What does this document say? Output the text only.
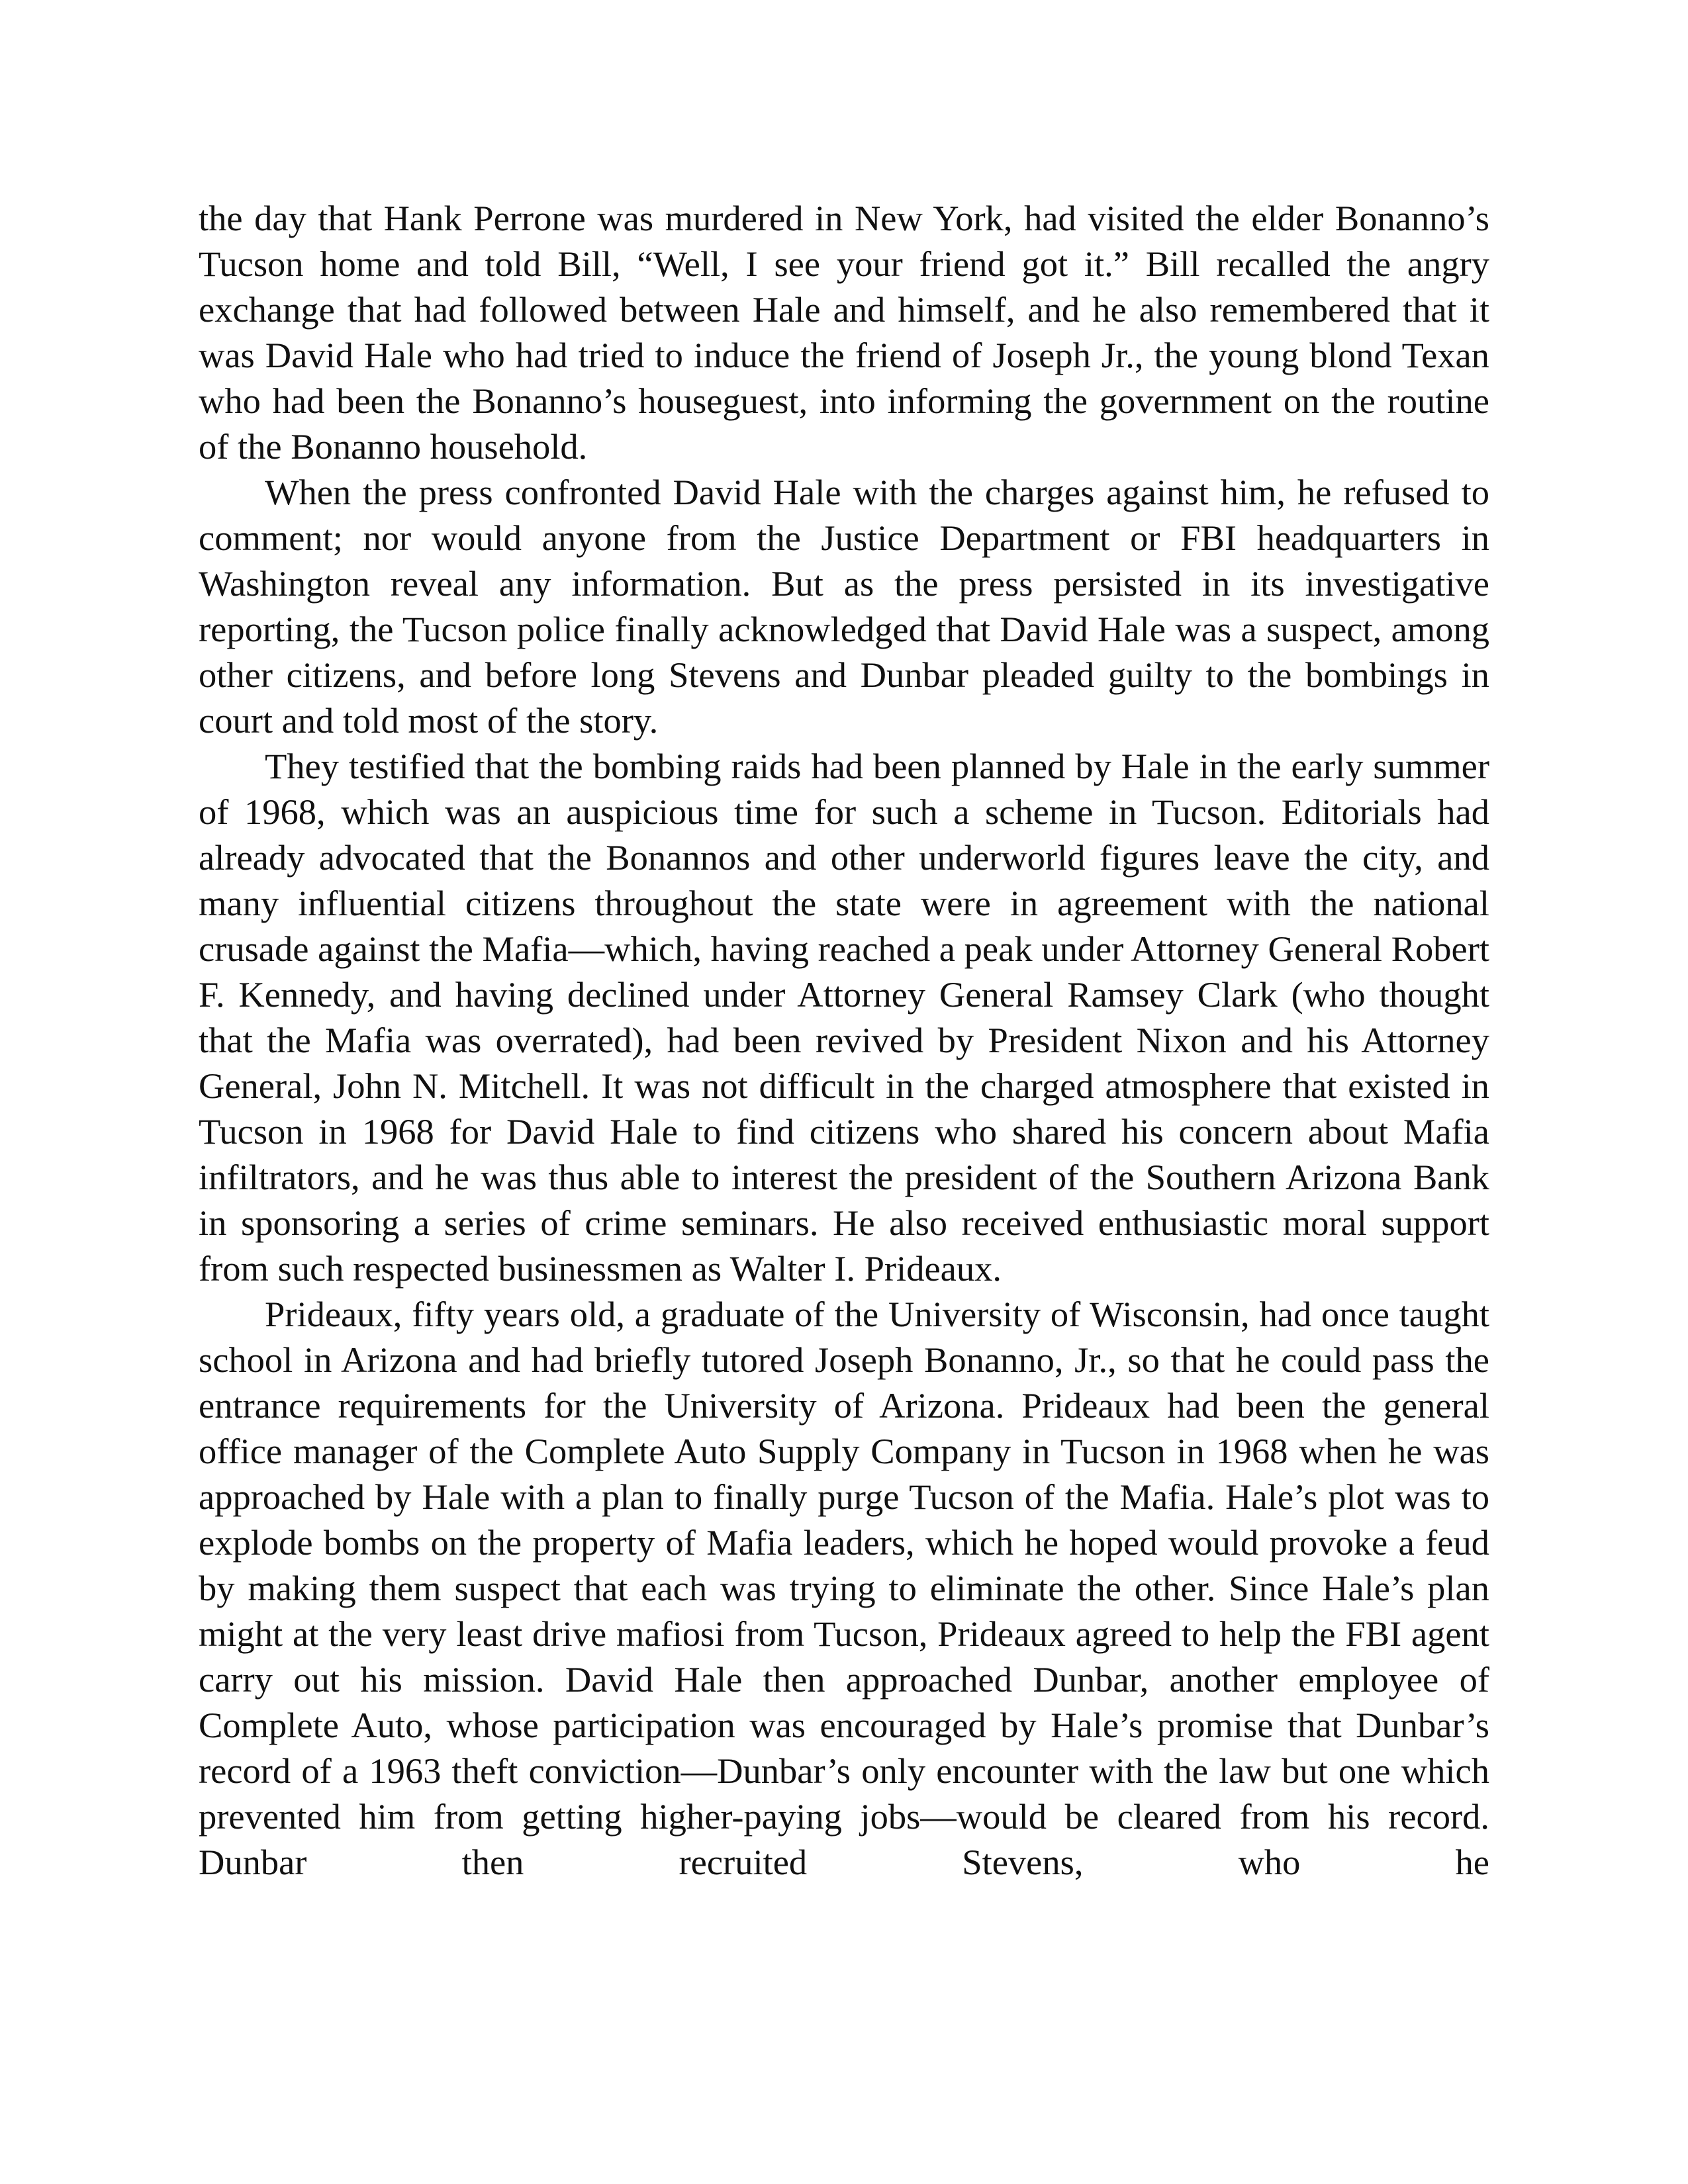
the day that Hank Perrone was murdered in New York, had visited the elder Bonanno’s Tucson home and told Bill, “Well, I see your friend got it.” Bill recalled the angry exchange that had followed between Hale and himself, and he also remembered that it was David Hale who had tried to induce the friend of Joseph Jr., the young blond Texan who had been the Bonanno’s houseguest, into informing the government on the routine of the Bonanno household.

When the press confronted David Hale with the charges against him, he refused to comment; nor would anyone from the Justice Department or FBI headquarters in Washington reveal any information. But as the press persisted in its investigative reporting, the Tucson police finally acknowledged that David Hale was a suspect, among other citizens, and before long Stevens and Dunbar pleaded guilty to the bombings in court and told most of the story.

They testified that the bombing raids had been planned by Hale in the early summer of 1968, which was an auspicious time for such a scheme in Tucson. Editorials had already advocated that the Bonannos and other underworld figures leave the city, and many influential citizens throughout the state were in agreement with the national crusade against the Mafia—which, having reached a peak under Attorney General Robert F. Kennedy, and having declined under Attorney General Ramsey Clark (who thought that the Mafia was overrated), had been revived by President Nixon and his Attorney General, John N. Mitchell. It was not difficult in the charged atmosphere that existed in Tucson in 1968 for David Hale to find citizens who shared his concern about Mafia infiltrators, and he was thus able to interest the president of the Southern Arizona Bank in sponsoring a series of crime seminars. He also received enthusiastic moral support from such respected businessmen as Walter I. Prideaux.

Prideaux, fifty years old, a graduate of the University of Wisconsin, had once taught school in Arizona and had briefly tutored Joseph Bonanno, Jr., so that he could pass the entrance requirements for the University of Arizona. Prideaux had been the general office manager of the Complete Auto Supply Company in Tucson in 1968 when he was approached by Hale with a plan to finally purge Tucson of the Mafia. Hale’s plot was to explode bombs on the property of Mafia leaders, which he hoped would provoke a feud by making them suspect that each was trying to eliminate the other. Since Hale’s plan might at the very least drive mafiosi from Tucson, Prideaux agreed to help the FBI agent carry out his mission. David Hale then approached Dunbar, another employee of Complete Auto, whose participation was encouraged by Hale’s promise that Dunbar’s record of a 1963 theft conviction—Dunbar’s only encounter with the law but one which prevented him from getting higher-paying jobs—would be cleared from his record. Dunbar then recruited Stevens, who he
